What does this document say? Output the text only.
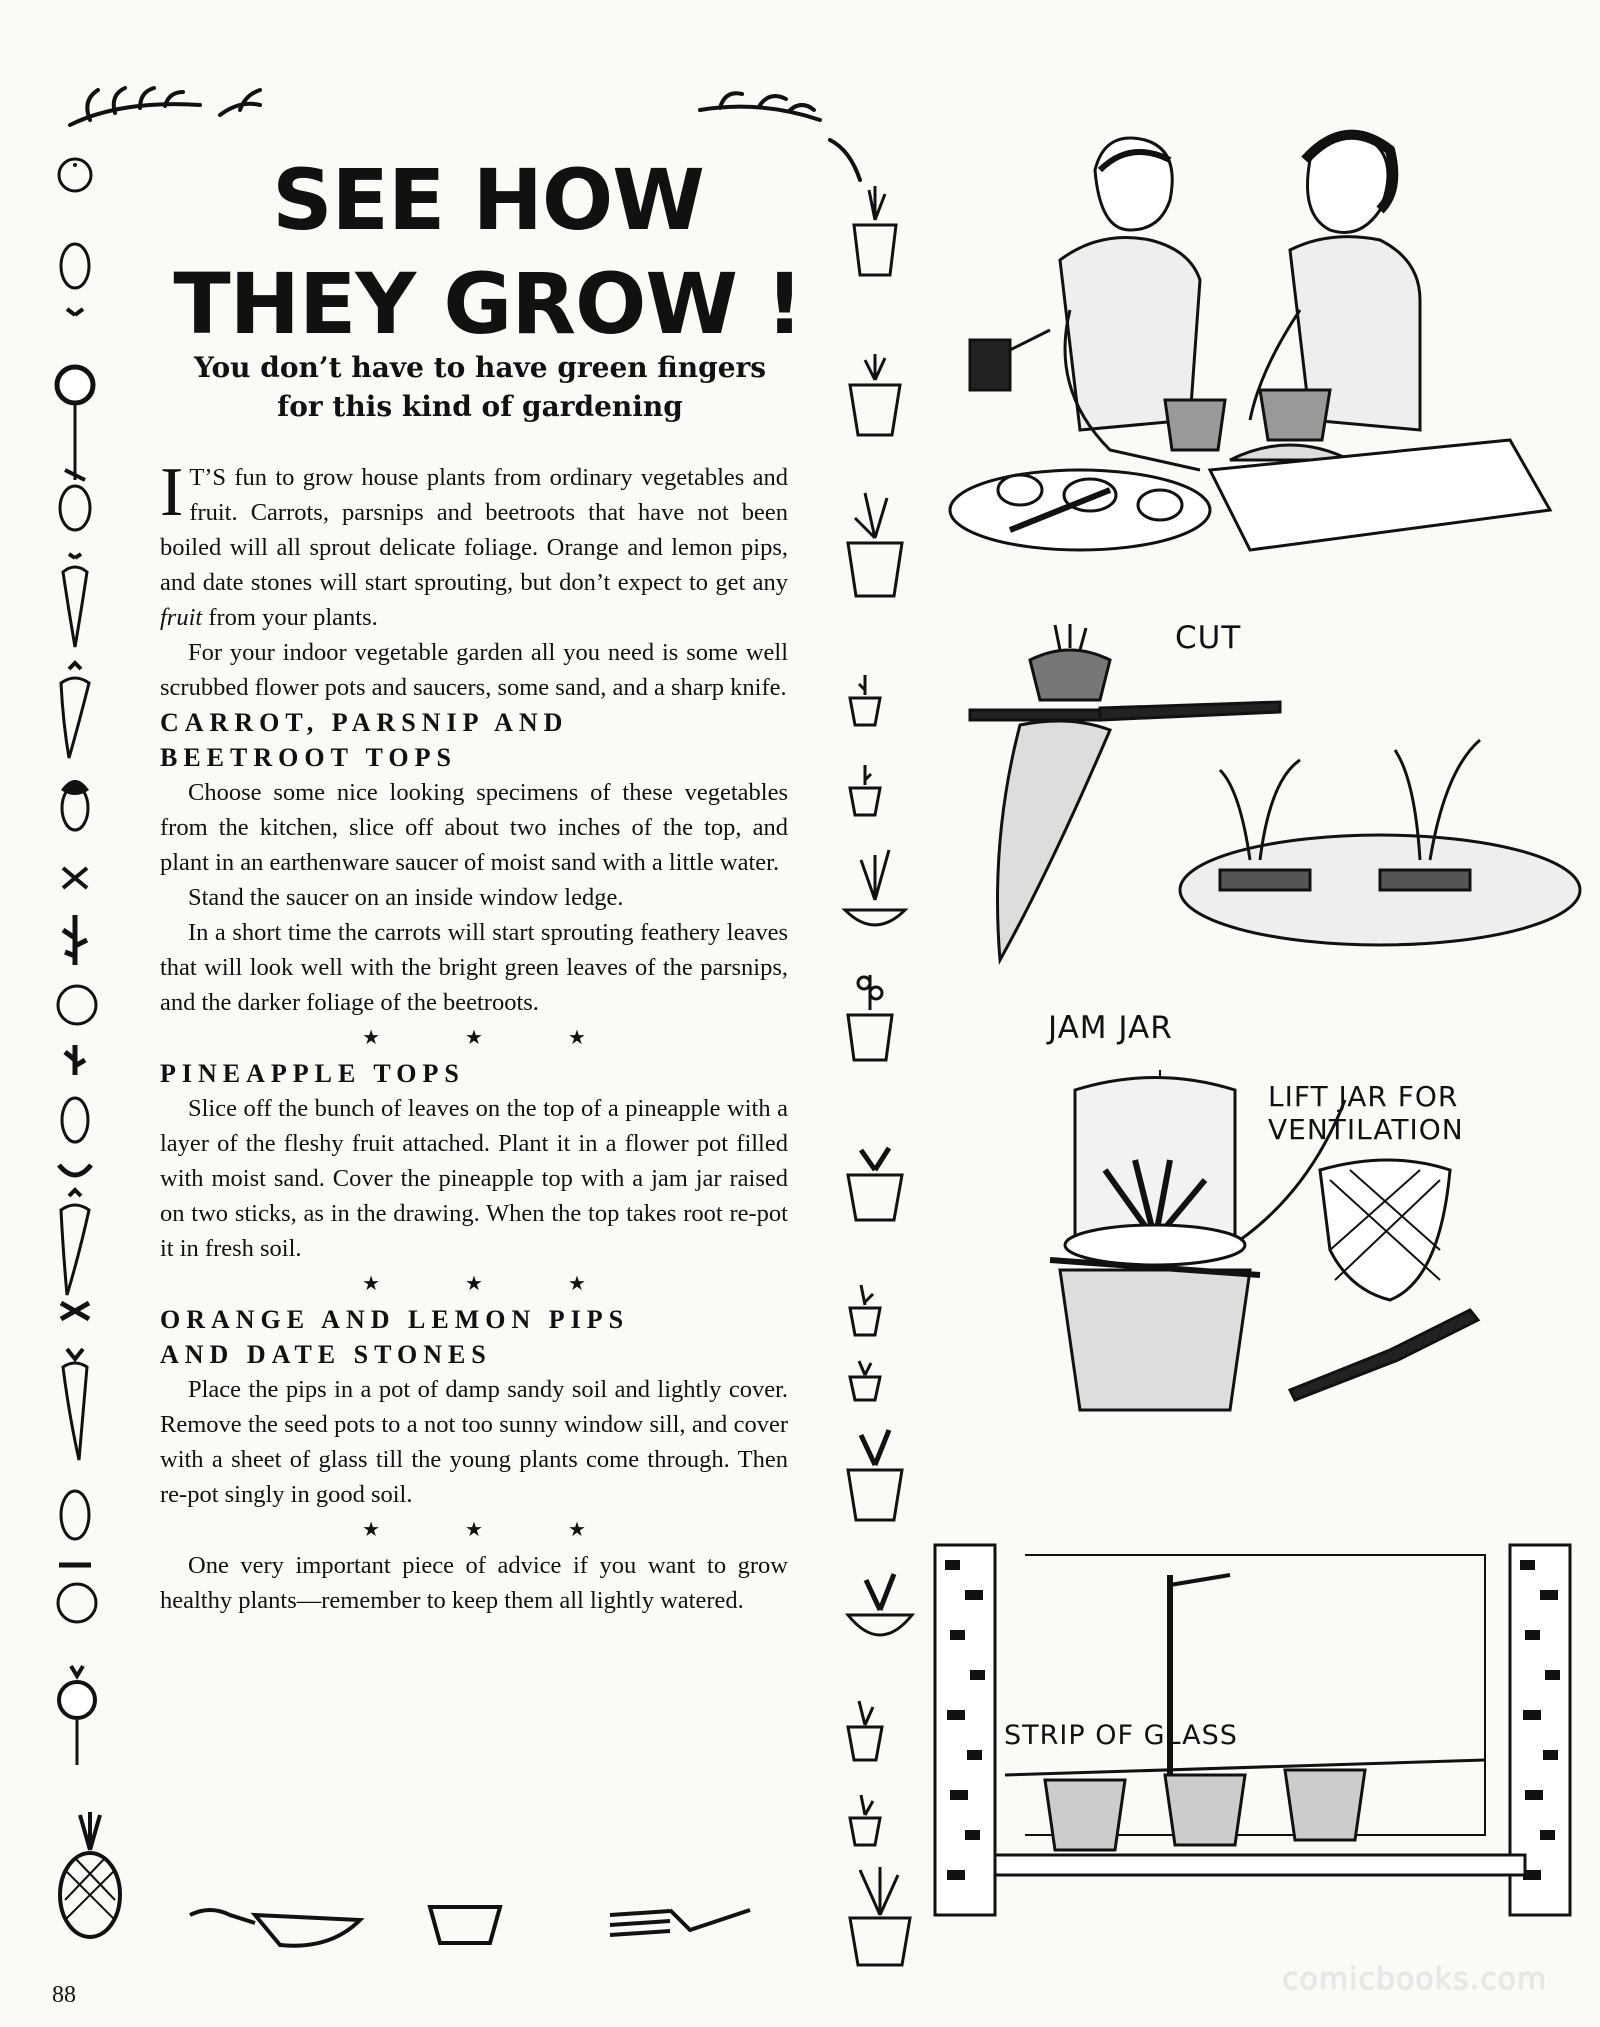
SEE HOW THEY GROW !
You don’t have to have green fingers
for this kind of gardening

I T’S fun to grow house plants from ordinary vegetables and fruit. Carrots, parsnips and beetroots that have not been boiled will all sprout delicate foliage. Orange and lemon pips, and date stones will start sprouting, but don’t expect to get any fruit from your plants.

For your indoor vegetable garden all you need is some well scrubbed flower pots and saucers, some sand, and a sharp knife.

CARROT, PARSNIP AND
BEETROOT TOPS

Choose some nice looking specimens of these vegetables from the kitchen, slice off about two inches of the top, and plant in an earthenware saucer of moist sand with a little water.

Stand the saucer on an inside window ledge.

In a short time the carrots will start sprouting feathery leaves that will look well with the bright green leaves of the parsnips, and the darker foliage of the beetroots.

★ ★ ★

PINEAPPLE TOPS

Slice off the bunch of leaves on the top of a pineapple with a layer of the fleshy fruit attached. Plant it in a flower pot filled with moist sand. Cover the pineapple top with a jam jar raised on two sticks, as in the drawing. When the top takes root re-pot it in fresh soil.

★ ★ ★

ORANGE AND LEMON PIPS
AND DATE STONES

Place the pips in a pot of damp sandy soil and lightly cover. Remove the seed pots to a not too sunny window sill, and cover with a sheet of glass till the young plants come through. Then re-pot singly in good soil.

★ ★ ★

One very important piece of advice if you want to grow healthy plants—remember to keep them all lightly watered.

CUT
JAM JAR
LIFT JAR FOR
VENTILATION
STRIP OF GLASS
88	comicbooks.com
